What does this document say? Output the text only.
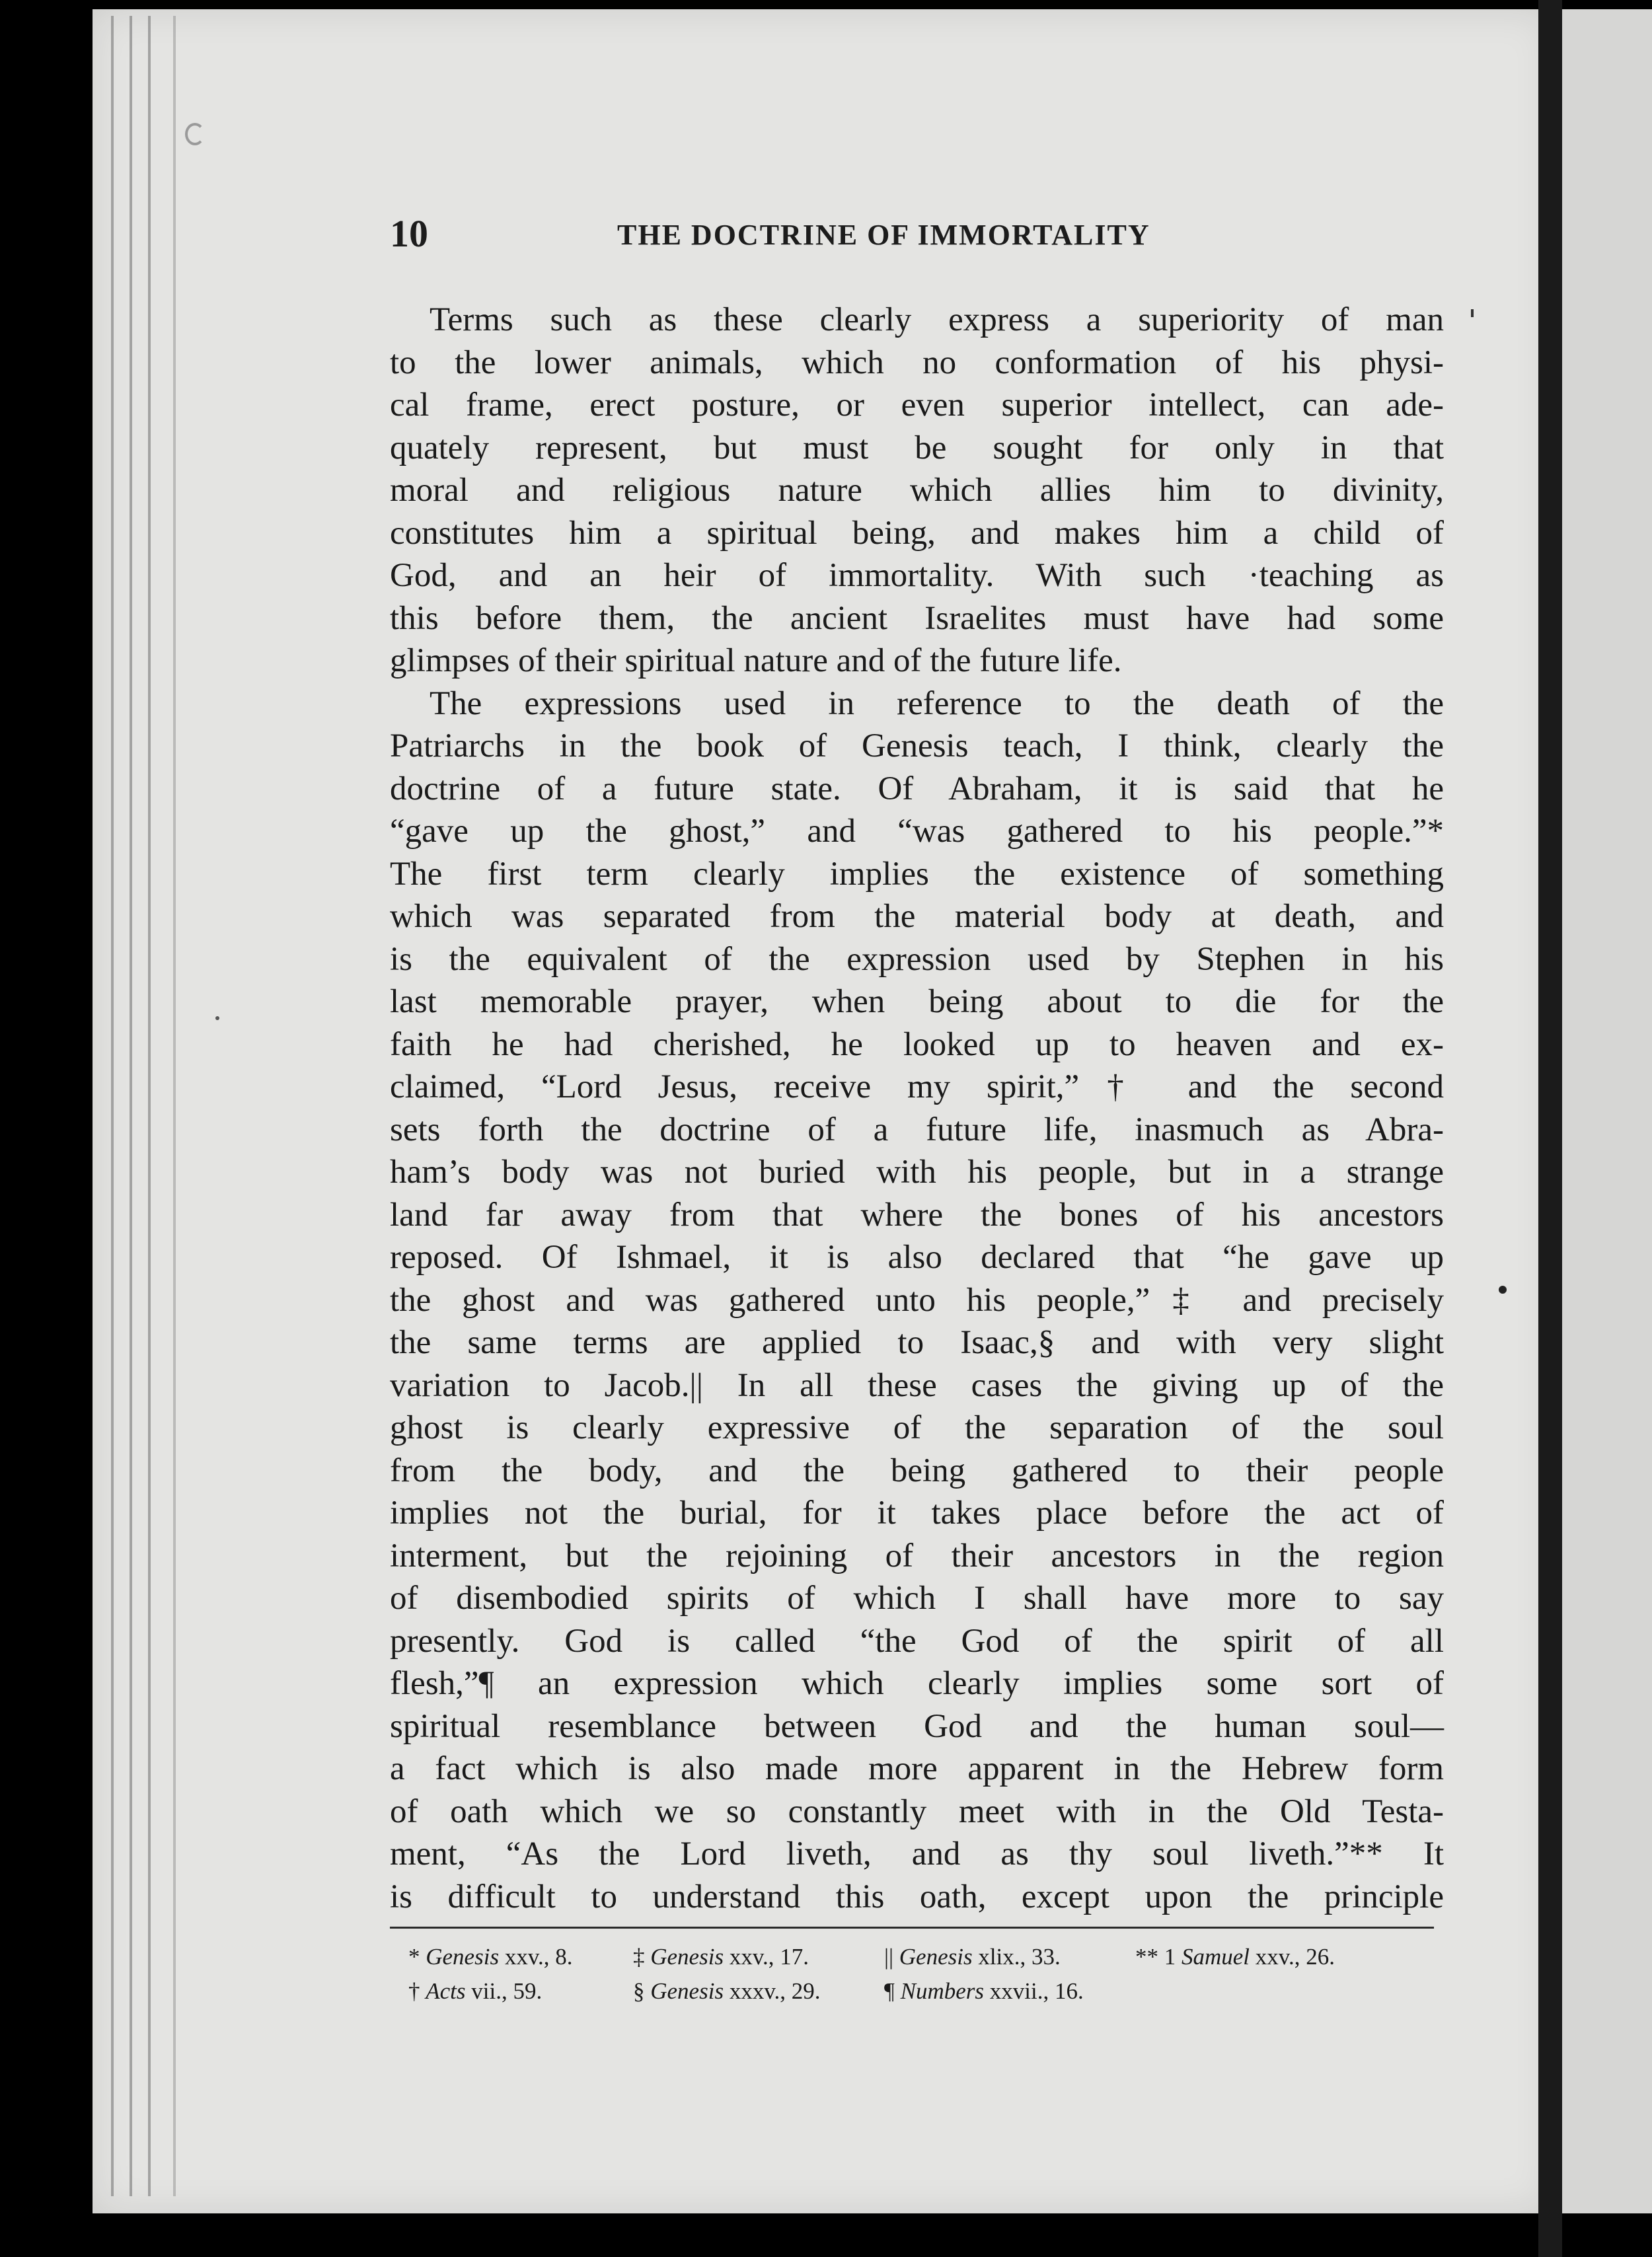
10	THE DOCTRINE OF IMMORTALITY
Terms such as these clearly express a superiority of man
to the lower animals, which no conformation of his physi-
cal frame, erect posture, or even superior intellect, can ade-
quately represent, but must be sought for only in that
moral and religious nature which allies him to divinity,
constitutes him a spiritual being, and makes him a child of
God, and an heir of immortality. With such ·teaching as
this before them, the ancient Israelites must have had some
glimpses of their spiritual nature and of the future life.
The expressions used in reference to the death of the
Patriarchs in the book of Genesis teach, I think, clearly the
doctrine of a future state. Of Abraham, it is said that he
“gave up the ghost,” and “was gathered to his people.”*
The first term clearly implies the existence of something
which was separated from the material body at death, and
is the equivalent of the expression used by Stephen in his
last memorable prayer, when being about to die for the
faith he had cherished, he looked up to heaven and ex-
claimed, “Lord Jesus, receive my spirit,”† and the second
sets forth the doctrine of a future life, inasmuch as Abra-
ham’s body was not buried with his people, but in a strange
land far away from that where the bones of his ancestors
reposed. Of Ishmael, it is also declared that “he gave up
the ghost and was gathered unto his people,”‡ and precisely
the same terms are applied to Isaac,§ and with very slight
variation to Jacob.|| In all these cases the giving up of the
ghost is clearly expressive of the separation of the soul
from the body, and the being gathered to their people
implies not the burial, for it takes place before the act of
interment, but the rejoining of their ancestors in the region
of disembodied spirits of which I shall have more to say
presently. God is called “the God of the spirit of all
flesh,”¶ an expression which clearly implies some sort of
spiritual resemblance between God and the human soul—
a fact which is also made more apparent in the Hebrew form
of oath which we so constantly meet with in the Old Testa-
ment, “As the Lord liveth, and as thy soul liveth.”** It
is difficult to understand this oath, except upon the principle
* Genesis xxv., 8.	‡ Genesis xxv., 17.	|| Genesis xlix., 33.	** 1 Samuel xxv., 26.
† Acts vii., 59.	§ Genesis xxxv., 29.	¶ Numbers xxvii., 16.
